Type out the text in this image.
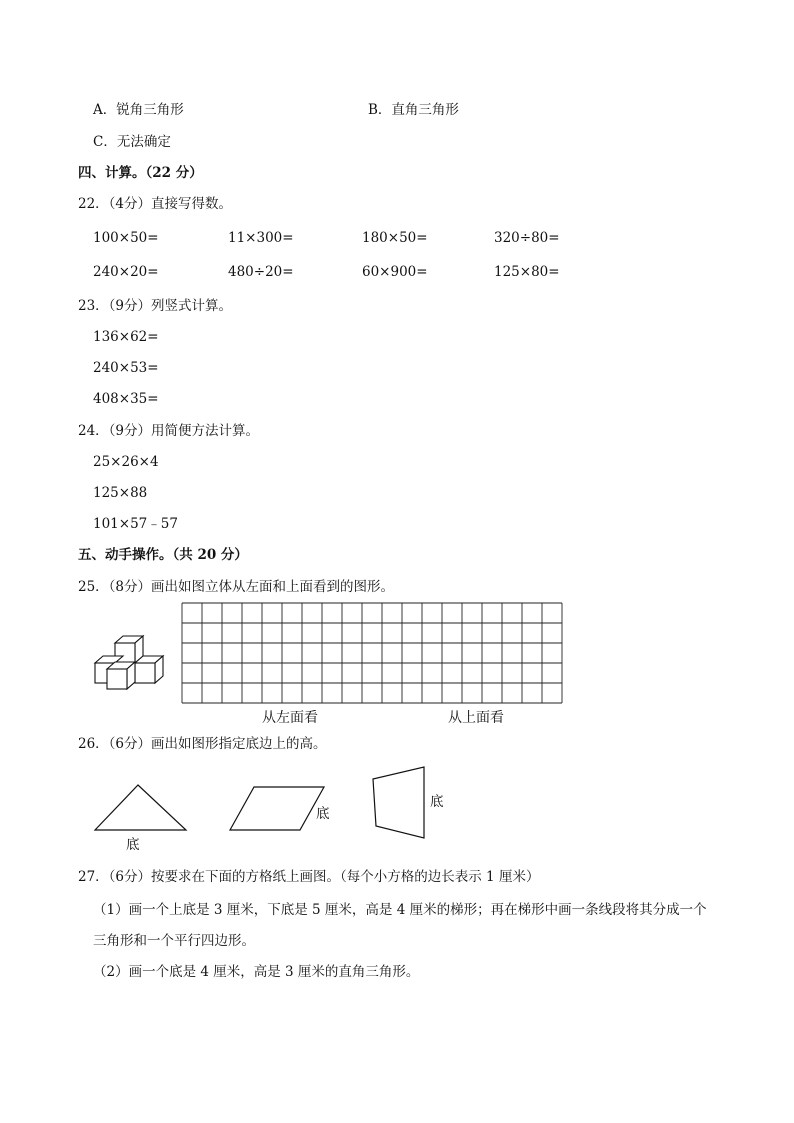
A．锐角三角形	B．直角三角形
C．无法确定
四、计算。（22 分）
22．（4分）直接写得数。
100×50=	11×300=	180×50=	320÷80=
240×20=	480÷20=	60×900=	125×80=
23．（9分）列竖式计算。
136×62=
240×53=
408×35=
24．（9分）用简便方法计算。
25×26×4
125×88
101×57﹣57
五、动手操作。（共 20 分）
25．（8分）画出如图立体从左面和上面看到的图形。
从左面看	从上面看
26．（6分）画出如图形指定底边上的高。
底
底
底
27．（6分）按要求在下面的方格纸上画图。（每个小方格的边长表示 1 厘米）
（1）画一个上底是 3 厘米，下底是 5 厘米，高是 4 厘米的梯形；再在梯形中画一条线段将其分成一个
三角形和一个平行四边形。
（2）画一个底是 4 厘米，高是 3 厘米的直角三角形。
